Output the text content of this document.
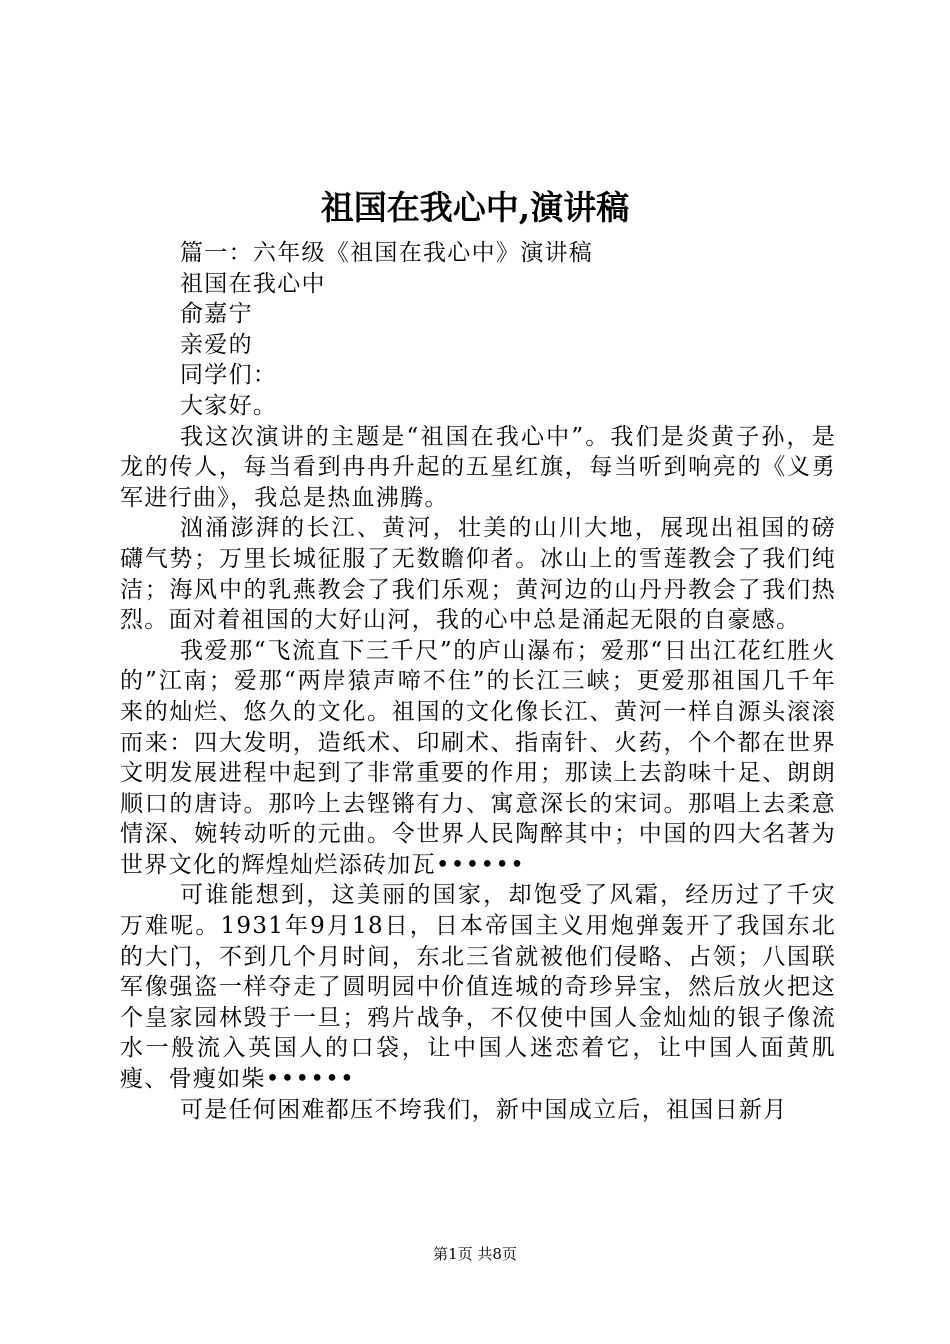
祖国在我心中,演讲稿

篇一：六年级《祖国在我心中》演讲稿

祖国在我心中

俞嘉宁

亲爱的

同学们：

大家好。

我这次演讲的主题是“祖国在我心中”。我们是炎黄子孙，是龙的传人，每当看到冉冉升起的五星红旗，每当听到响亮的《义勇军进行曲》，我总是热血沸腾。

汹涌澎湃的长江、黄河，壮美的山川大地，展现出祖国的磅礴气势；万里长城征服了无数瞻仰者。冰山上的雪莲教会了我们纯洁；海风中的乳燕教会了我们乐观；黄河边的山丹丹教会了我们热烈。面对着祖国的大好山河，我的心中总是涌起无限的自豪感。

我爱那“飞流直下三千尺”的庐山瀑布；爱那“日出江花红胜火的”江南；爱那“两岸猿声啼不住”的长江三峡；更爱那祖国几千年来的灿烂、悠久的文化。祖国的文化像长江、黄河一样自源头滚滚而来：四大发明，造纸术、印刷术、指南针、火药，个个都在世界文明发展进程中起到了非常重要的作用；那读上去韵味十足、朗朗顺口的唐诗。那吟上去铿锵有力、寓意深长的宋词。那唱上去柔意情深、婉转动听的元曲。令世界人民陶醉其中；中国的四大名著为世界文化的辉煌灿烂添砖加瓦••••••

可谁能想到，这美丽的国家，却饱受了风霜，经历过了千灾万难呢。1931年9月18日，日本帝国主义用炮弹轰开了我国东北的大门，不到几个月时间，东北三省就被他们侵略、占领；八国联军像强盗一样夺走了圆明园中价值连城的奇珍异宝，然后放火把这个皇家园林毁于一旦；鸦片战争，不仅使中国人金灿灿的银子像流水一般流入英国人的口袋，让中国人迷恋着它，让中国人面黄肌瘦、骨瘦如柴••••••

可是任何困难都压不垮我们，新中国成立后，祖国日新月

第1页 共8页
